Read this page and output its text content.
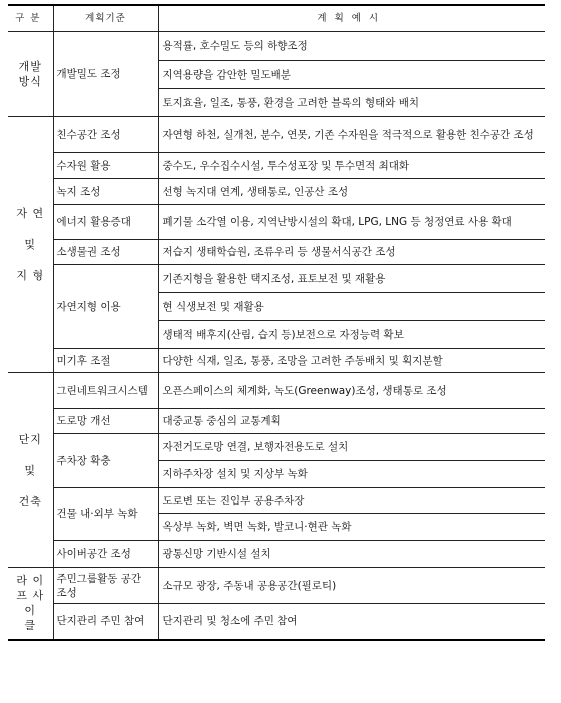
구분	계획기준	계획예시

개발
방식	개발밀도 조정	용적률, 호수밀도 등의 하향조정
		지역용량을 감안한 밀도배분
		토지효율, 일조, 통풍, 환경을 고려한 블록의 형태와 배치

자 연
및
지 형	친수공간 조성	자연형 하천, 실개천, 분수, 연못, 기존 수자원을 적극적으로 활용한 친수공간 조성
	수자원 활용	중수도, 우수집수시설, 투수성포장 및 투수면적 최대화
	녹지 조성	선형 녹지대 연계, 생태통로, 인공산 조성
	에너지 활용증대	폐기물 소각열 이용, 지역난방시설의 확대, LPG, LNG 등 청정연료 사용 확대
	소생물권 조성	저습지 생태학습원, 조류우리 등 생물서식공간 조성
	자연지형 이용	기존지형을 활용한 택지조성, 표토보전 및 재활용
		현 식생보전 및 재활용
		생태적 배후지(산림, 습지 등)보전으로 자정능력 확보
	미기후 조절	다양한 식재, 일조, 통풍, 조망을 고려한 주동배치 및 획지분할

단지
및
건축	그린네트워크시스템	오픈스페이스의 체계화, 녹도(Greenway)조성, 생태통로 조성
	도로망 개선	대중교통 중심의 교통계획
	주차장 확충	자전거도로망 연결, 보행자전용도로 설치
		지하주차장 설치 및 지상부 녹화
	건물 내·외부 녹화	도로변 또는 진입부 공용주차장
		옥상부 녹화, 벽면 녹화, 발코니·현관 녹화
	사이버공간 조성	광통신망 기반시설 설치

라 이
프 사 이
클	주민그룹활동 공간 조성	소규모 광장, 주동내 공용공간(필로티)
	단지관리 주민 참여	단지관리 및 청소에 주민 참여
